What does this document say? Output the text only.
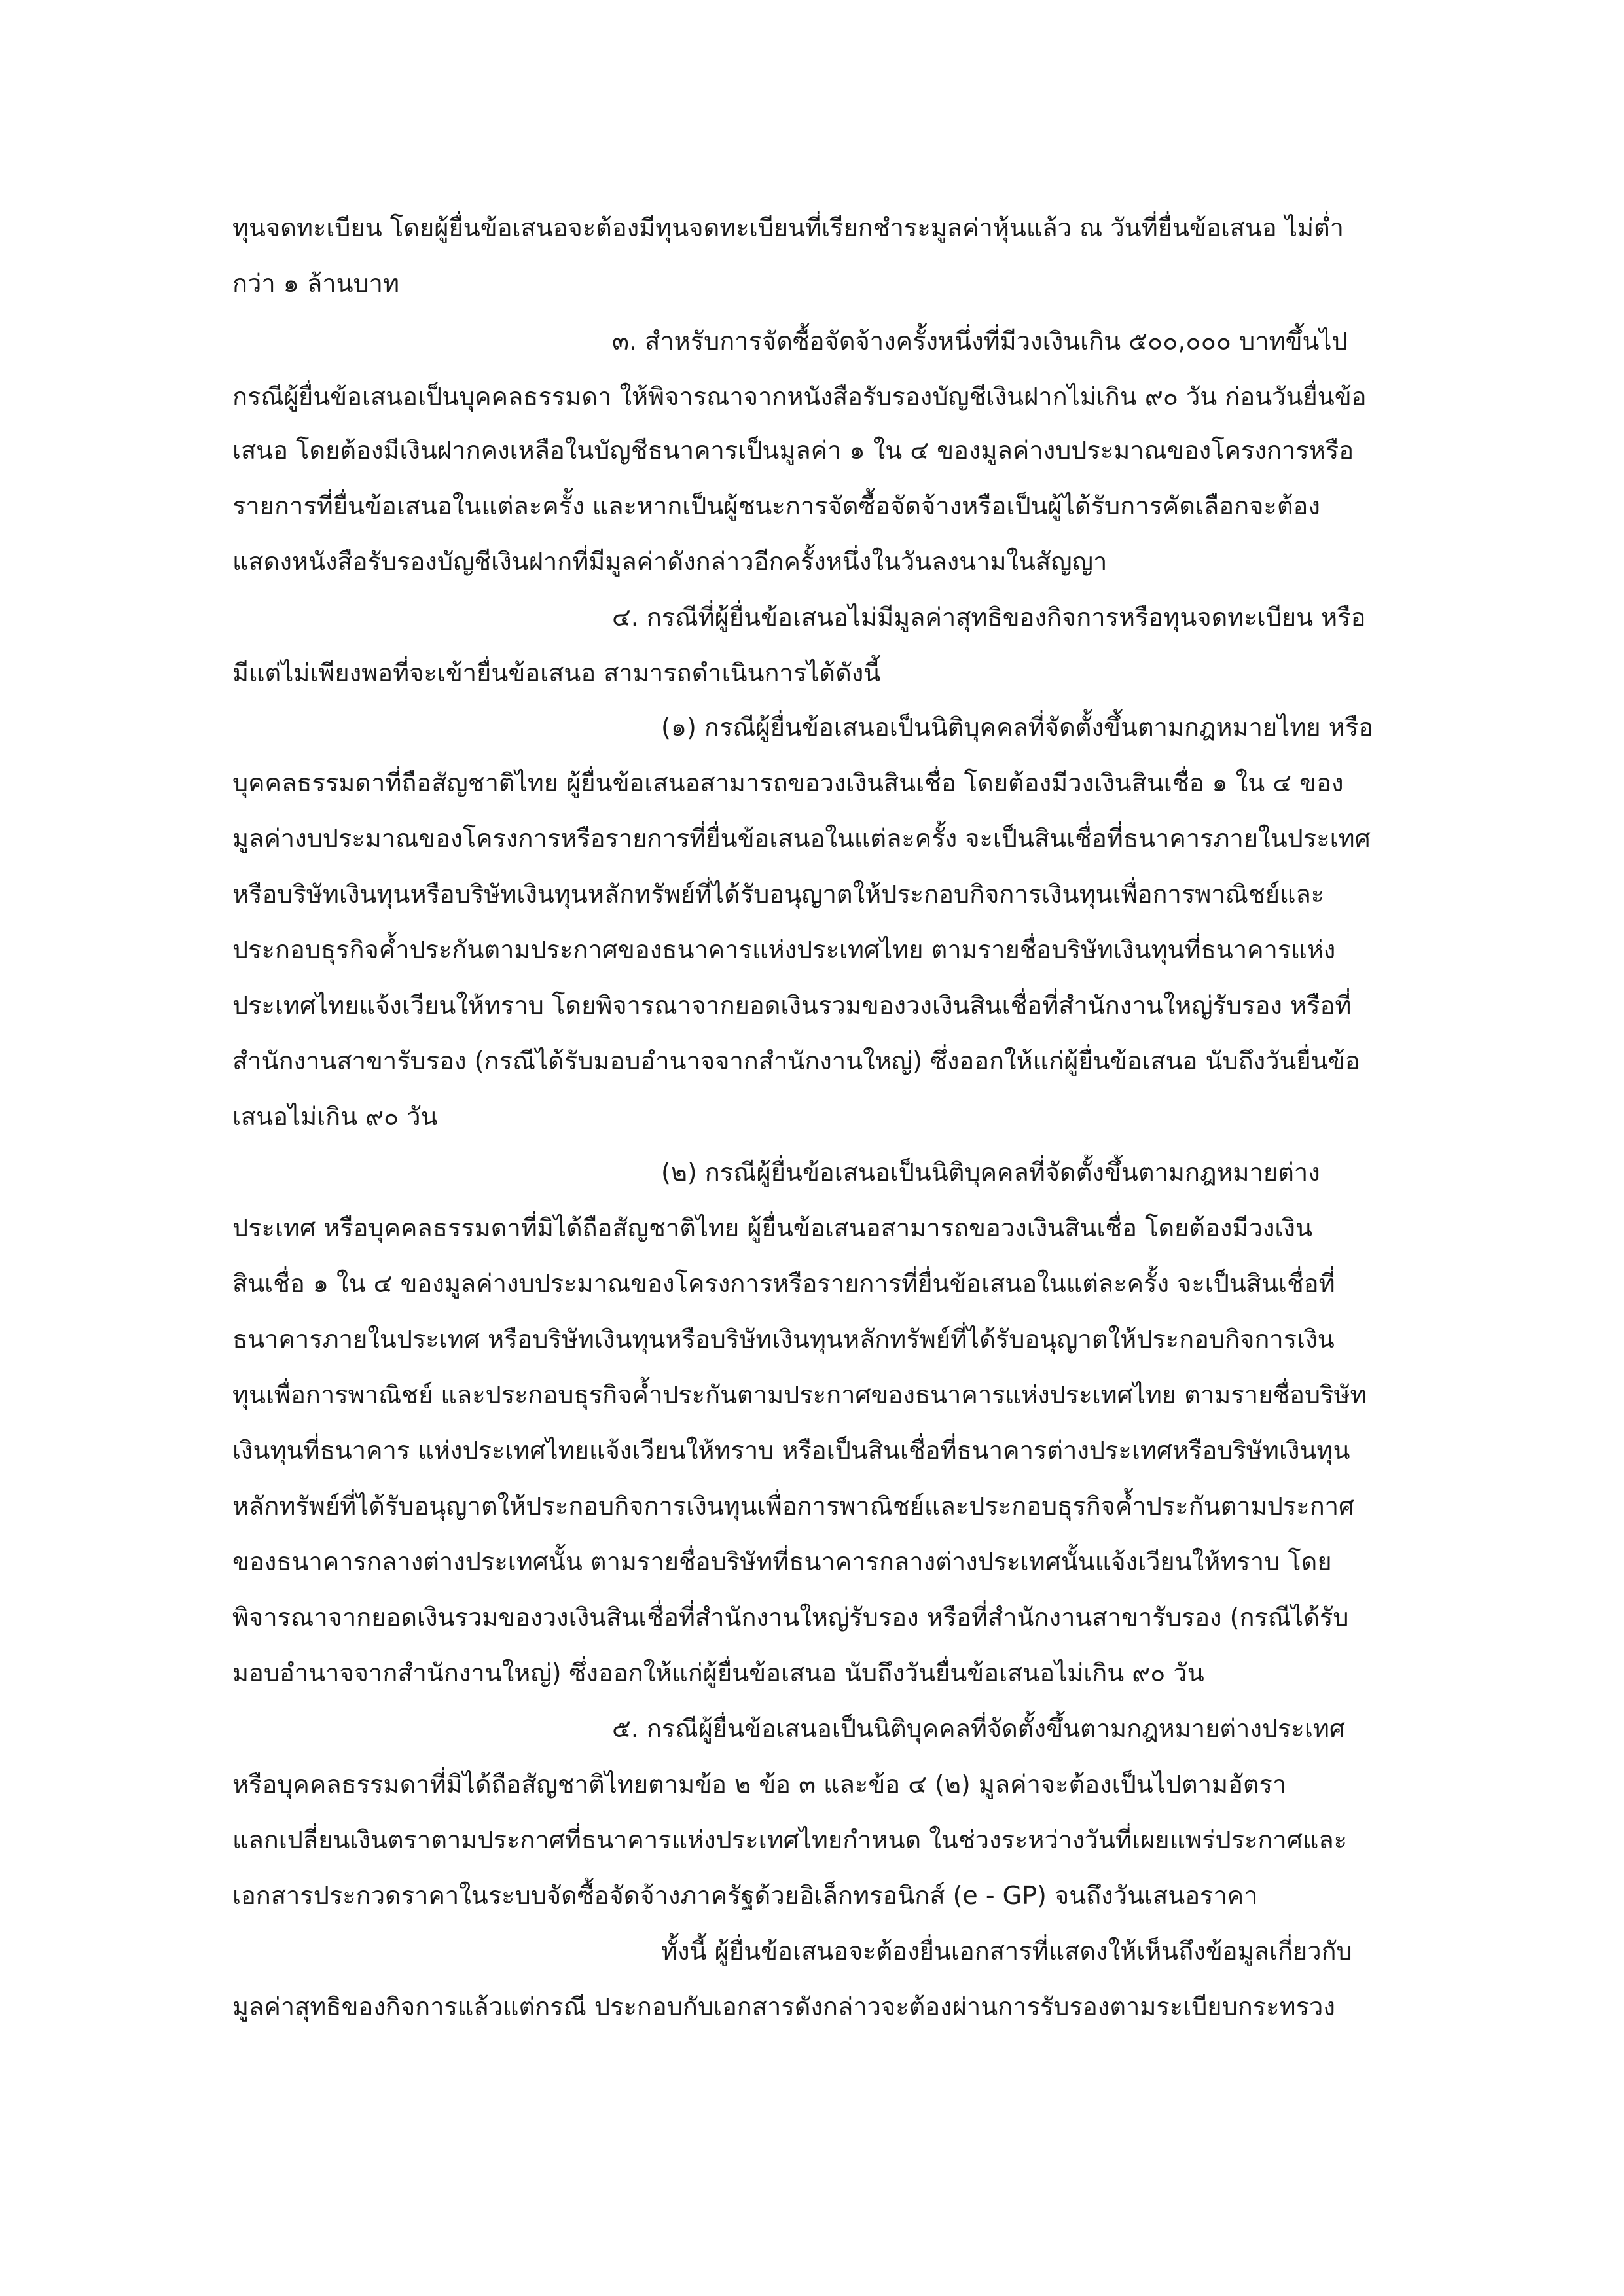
ทุนจดทะเบียน โดยผู้ยื่นข้อเสนอจะต้องมีทุนจดทะเบียนที่เรียกชำระมูลค่าหุ้นแล้ว ณ วันที่ยื่นข้อเสนอ ไม่ต่ำ
กว่า ๑ ล้านบาท
๓. สำหรับการจัดซื้อจัดจ้างครั้งหนึ่งที่มีวงเงินเกิน ๕๐๐,๐๐๐ บาทขึ้นไป
กรณีผู้ยื่นข้อเสนอเป็นบุคคลธรรมดา ให้พิจารณาจากหนังสือรับรองบัญชีเงินฝากไม่เกิน ๙๐ วัน ก่อนวันยื่นข้อ
เสนอ โดยต้องมีเงินฝากคงเหลือในบัญชีธนาคารเป็นมูลค่า ๑ ใน ๔ ของมูลค่างบประมาณของโครงการหรือ
รายการที่ยื่นข้อเสนอในแต่ละครั้ง และหากเป็นผู้ชนะการจัดซื้อจัดจ้างหรือเป็นผู้ได้รับการคัดเลือกจะต้อง
แสดงหนังสือรับรองบัญชีเงินฝากที่มีมูลค่าดังกล่าวอีกครั้งหนึ่งในวันลงนามในสัญญา
๔. กรณีที่ผู้ยื่นข้อเสนอไม่มีมูลค่าสุทธิของกิจการหรือทุนจดทะเบียน หรือ
มีแต่ไม่เพียงพอที่จะเข้ายื่นข้อเสนอ สามารถดำเนินการได้ดังนี้
(๑) กรณีผู้ยื่นข้อเสนอเป็นนิติบุคคลที่จัดตั้งขึ้นตามกฎหมายไทย หรือ
บุคคลธรรมดาที่ถือสัญชาติไทย ผู้ยื่นข้อเสนอสามารถขอวงเงินสินเชื่อ โดยต้องมีวงเงินสินเชื่อ ๑ ใน ๔ ของ
มูลค่างบประมาณของโครงการหรือรายการที่ยื่นข้อเสนอในแต่ละครั้ง จะเป็นสินเชื่อที่ธนาคารภายในประเทศ
หรือบริษัทเงินทุนหรือบริษัทเงินทุนหลักทรัพย์ที่ได้รับอนุญาตให้ประกอบกิจการเงินทุนเพื่อการพาณิชย์และ
ประกอบธุรกิจค้ำประกันตามประกาศของธนาคารแห่งประเทศไทย ตามรายชื่อบริษัทเงินทุนที่ธนาคารแห่ง
ประเทศไทยแจ้งเวียนให้ทราบ โดยพิจารณาจากยอดเงินรวมของวงเงินสินเชื่อที่สำนักงานใหญ่รับรอง หรือที่
สำนักงานสาขารับรอง (กรณีได้รับมอบอำนาจจากสำนักงานใหญ่) ซึ่งออกให้แก่ผู้ยื่นข้อเสนอ นับถึงวันยื่นข้อ
เสนอไม่เกิน ๙๐ วัน
(๒) กรณีผู้ยื่นข้อเสนอเป็นนิติบุคคลที่จัดตั้งขึ้นตามกฎหมายต่าง
ประเทศ หรือบุคคลธรรมดาที่มิได้ถือสัญชาติไทย ผู้ยื่นข้อเสนอสามารถขอวงเงินสินเชื่อ โดยต้องมีวงเงิน
สินเชื่อ ๑ ใน ๔ ของมูลค่างบประมาณของโครงการหรือรายการที่ยื่นข้อเสนอในแต่ละครั้ง จะเป็นสินเชื่อที่
ธนาคารภายในประเทศ หรือบริษัทเงินทุนหรือบริษัทเงินทุนหลักทรัพย์ที่ได้รับอนุญาตให้ประกอบกิจการเงิน
ทุนเพื่อการพาณิชย์ และประกอบธุรกิจค้ำประกันตามประกาศของธนาคารแห่งประเทศไทย ตามรายชื่อบริษัท
เงินทุนที่ธนาคาร แห่งประเทศไทยแจ้งเวียนให้ทราบ หรือเป็นสินเชื่อที่ธนาคารต่างประเทศหรือบริษัทเงินทุน
หลักทรัพย์ที่ได้รับอนุญาตให้ประกอบกิจการเงินทุนเพื่อการพาณิชย์และประกอบธุรกิจค้ำประกันตามประกาศ
ของธนาคารกลางต่างประเทศนั้น ตามรายชื่อบริษัทที่ธนาคารกลางต่างประเทศนั้นแจ้งเวียนให้ทราบ โดย
พิจารณาจากยอดเงินรวมของวงเงินสินเชื่อที่สำนักงานใหญ่รับรอง หรือที่สำนักงานสาขารับรอง (กรณีได้รับ
มอบอำนาจจากสำนักงานใหญ่) ซึ่งออกให้แก่ผู้ยื่นข้อเสนอ นับถึงวันยื่นข้อเสนอไม่เกิน ๙๐ วัน
๕. กรณีผู้ยื่นข้อเสนอเป็นนิติบุคคลที่จัดตั้งขึ้นตามกฎหมายต่างประเทศ
หรือบุคคลธรรมดาที่มิได้ถือสัญชาติไทยตามข้อ ๒ ข้อ ๓ และข้อ ๔ (๒) มูลค่าจะต้องเป็นไปตามอัตรา
แลกเปลี่ยนเงินตราตามประกาศที่ธนาคารแห่งประเทศไทยกำหนด ในช่วงระหว่างวันที่เผยแพร่ประกาศและ
เอกสารประกวดราคาในระบบจัดซื้อจัดจ้างภาครัฐด้วยอิเล็กทรอนิกส์ (e - GP) จนถึงวันเสนอราคา
ทั้งนี้ ผู้ยื่นข้อเสนอจะต้องยื่นเอกสารที่แสดงให้เห็นถึงข้อมูลเกี่ยวกับ
มูลค่าสุทธิของกิจการแล้วแต่กรณี ประกอบกับเอกสารดังกล่าวจะต้องผ่านการรับรองตามระเบียบกระทรวง
